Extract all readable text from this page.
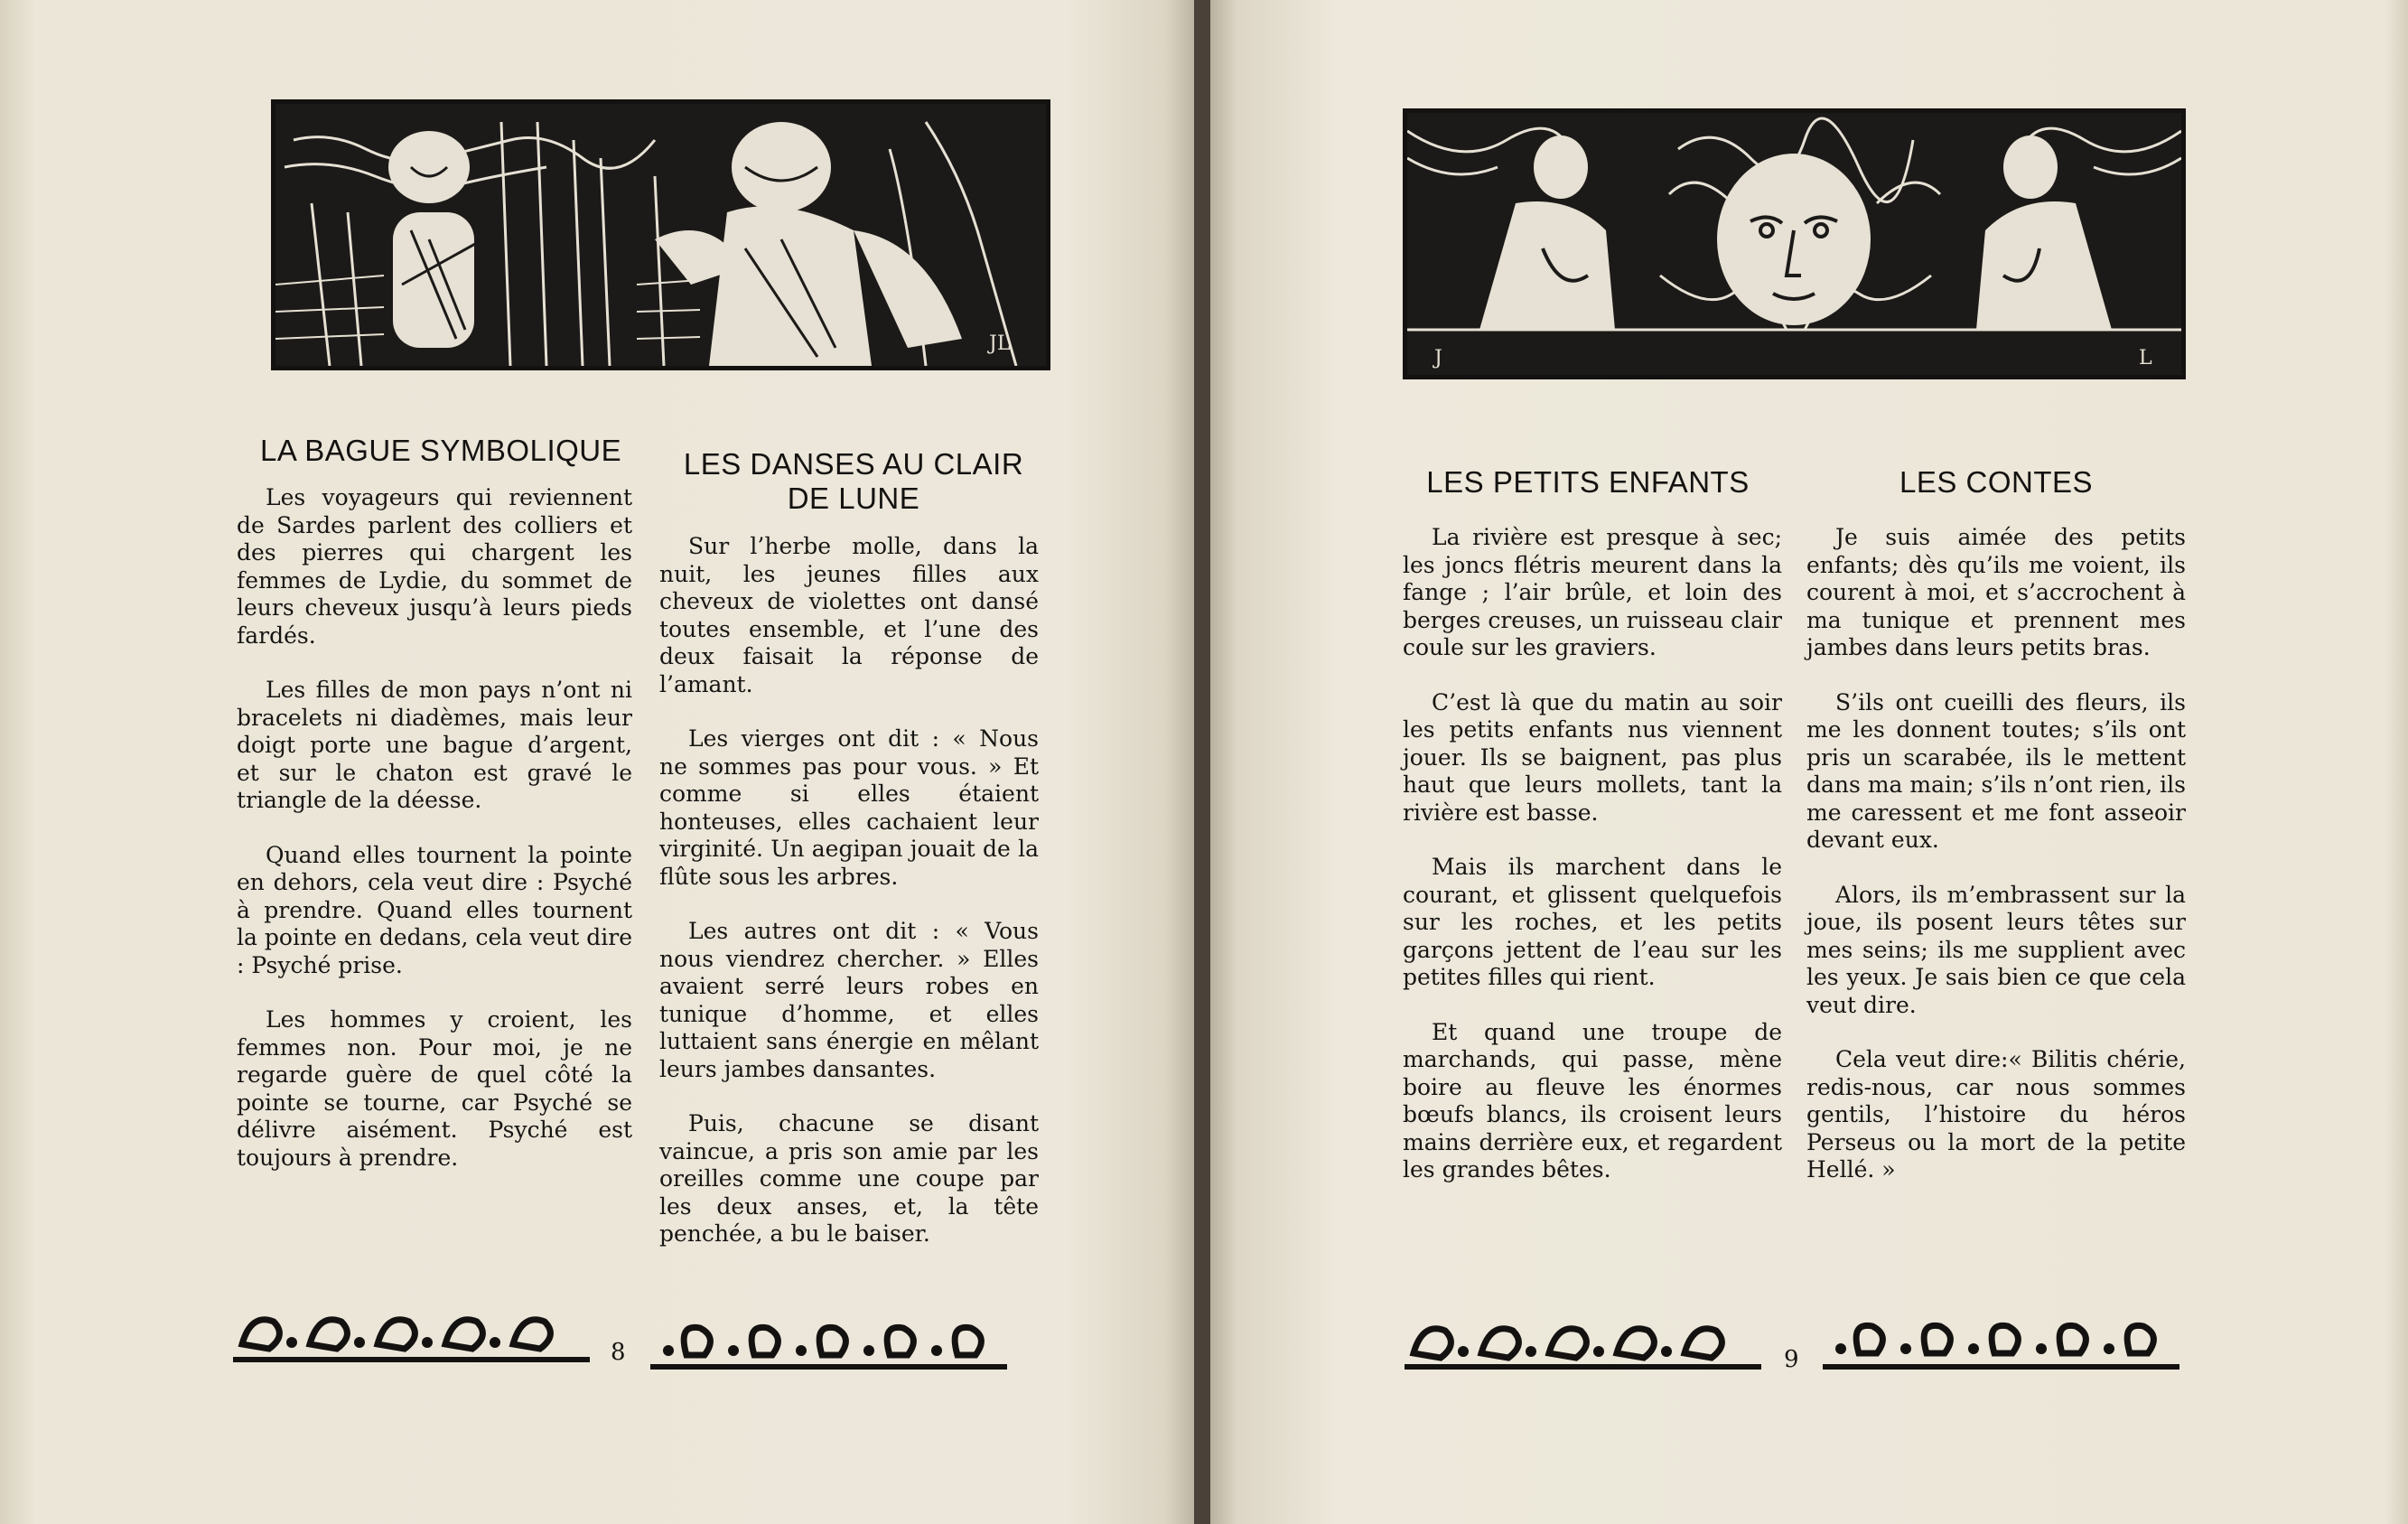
JL
LA BAGUE SYMBOLIQUE	LES DANSES AU CLAIR DE LUNE

Les voyageurs qui reviennent de Sardes parlent des colliers et des pierres qui chargent les femmes de Lydie, du sommet de leurs cheveux jusqu’à leurs pieds fardés.

Les filles de mon pays n’ont ni bracelets ni diadèmes, mais leur doigt porte une bague d’argent, et sur le chaton est gravé le triangle de la déesse.

Quand elles tournent la pointe en dehors, cela veut dire : Psyché à prendre. Quand elles tournent la pointe en dedans, cela veut dire : Psyché prise.

Les hommes y croient, les femmes non. Pour moi, je ne regarde guère de quel côté la pointe se tourne, car Psyché se délivre aisément. Psyché est toujours à prendre.

Sur l’herbe molle, dans la nuit, les jeunes filles aux cheveux de violettes ont dansé toutes ensemble, et l’une des deux faisait la réponse de l’amant.

Les vierges ont dit : « Nous ne sommes pas pour vous. » Et comme si elles étaient honteuses, elles cachaient leur virginité. Un aegipan jouait de la flûte sous les arbres.

Les autres ont dit : « Vous nous viendrez chercher. » Elles avaient serré leurs robes en tunique d’homme, et elles luttaient sans énergie en mêlant leurs jambes dansantes.

Puis, chacune se disant vaincue, a pris son amie par les oreilles comme une coupe par les deux anses, et, la tête penchée, a bu le baiser.

8
J	L
LES PETITS ENFANTS	LES CONTES

La rivière est presque à sec; les joncs flétris meurent dans la fange ; l’air brûle, et loin des berges creuses, un ruisseau clair coule sur les graviers.

C’est là que du matin au soir les petits enfants nus viennent jouer. Ils se baignent, pas plus haut que leurs mollets, tant la rivière est basse.

Mais ils marchent dans le courant, et glissent quelquefois sur les roches, et les petits garçons jettent de l’eau sur les petites filles qui rient.

Et quand une troupe de marchands, qui passe, mène boire au fleuve les énormes bœufs blancs, ils croisent leurs mains derrière eux, et regardent les grandes bêtes.

Je suis aimée des petits enfants; dès qu’ils me voient, ils courent à moi, et s’accrochent à ma tunique et prennent mes jambes dans leurs petits bras.

S’ils ont cueilli des fleurs, ils me les donnent toutes; s’ils ont pris un scarabée, ils le mettent dans ma main; s’ils n’ont rien, ils me caressent et me font asseoir devant eux.

Alors, ils m’embrassent sur la joue, ils posent leurs têtes sur mes seins; ils me supplient avec les yeux. Je sais bien ce que cela veut dire.

Cela veut dire:« Bilitis chérie, redis-nous, car nous sommes gentils, l’histoire du héros Perseus ou la mort de la petite Hellé. »

9
